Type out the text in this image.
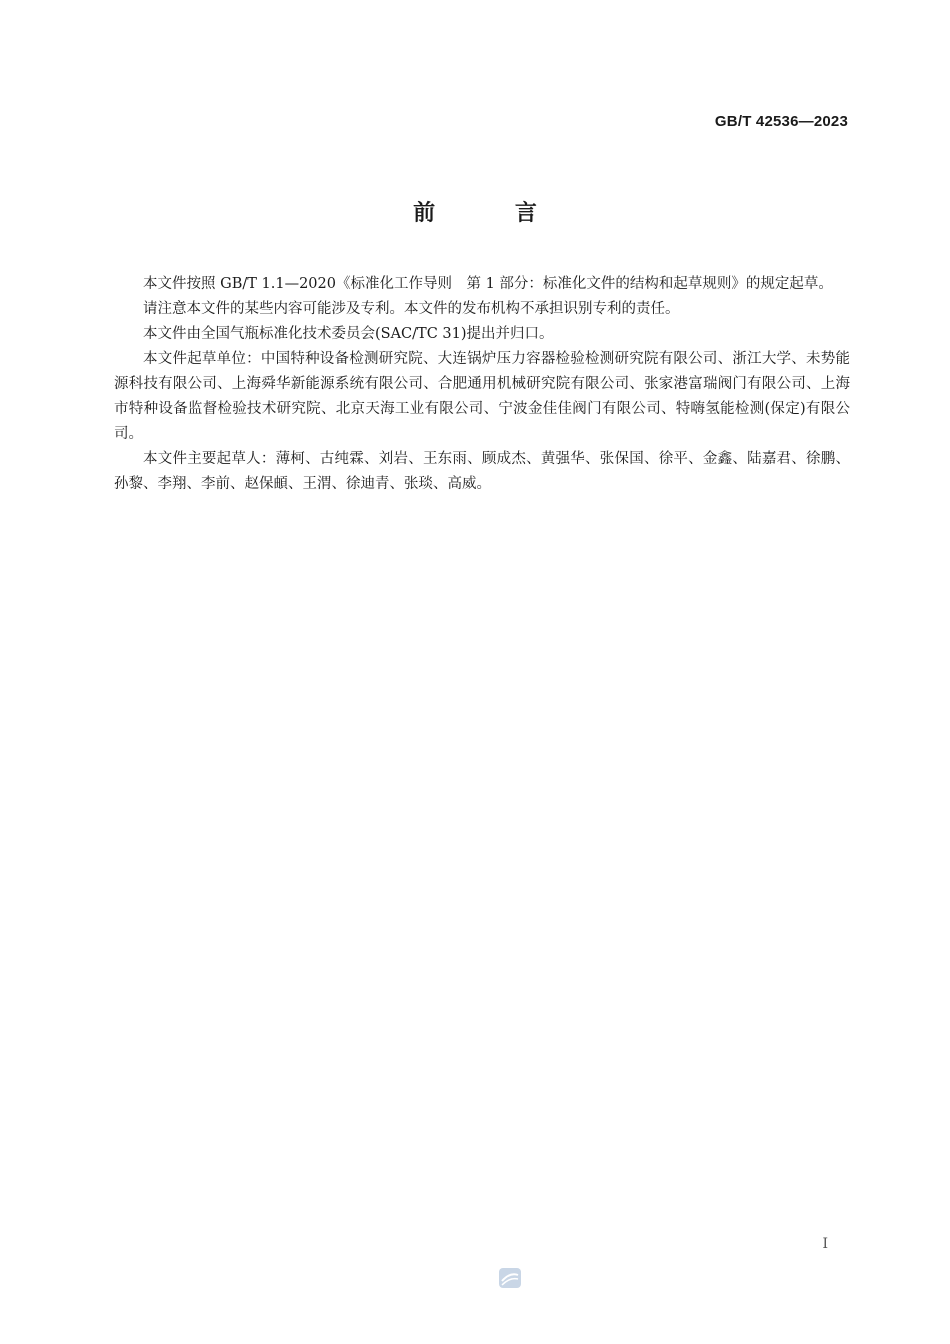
GB/T 42536—2023
前 言

本文件按照 GB/T 1.1—2020《标准化工作导则　第 1 部分：标准化文件的结构和起草规则》的规定起草。

请注意本文件的某些内容可能涉及专利。本文件的发布机构不承担识别专利的责任。

本文件由全国气瓶标准化技术委员会(SAC/TC 31)提出并归口。

本文件起草单位：中国特种设备检测研究院、大连锅炉压力容器检验检测研究院有限公司、浙江大学、未势能源科技有限公司、上海舜华新能源系统有限公司、合肥通用机械研究院有限公司、张家港富瑞阀门有限公司、上海市特种设备监督检验技术研究院、北京天海工业有限公司、宁波金佳佳阀门有限公司、特嗨氢能检测(保定)有限公司。

本文件主要起草人：薄柯、古纯霖、刘岩、王东雨、顾成杰、黄强华、张保国、徐平、金鑫、陆嘉君、徐鹏、孙黎、李翔、李前、赵保頔、王渭、徐迪青、张琰、高威。

Ⅰ
